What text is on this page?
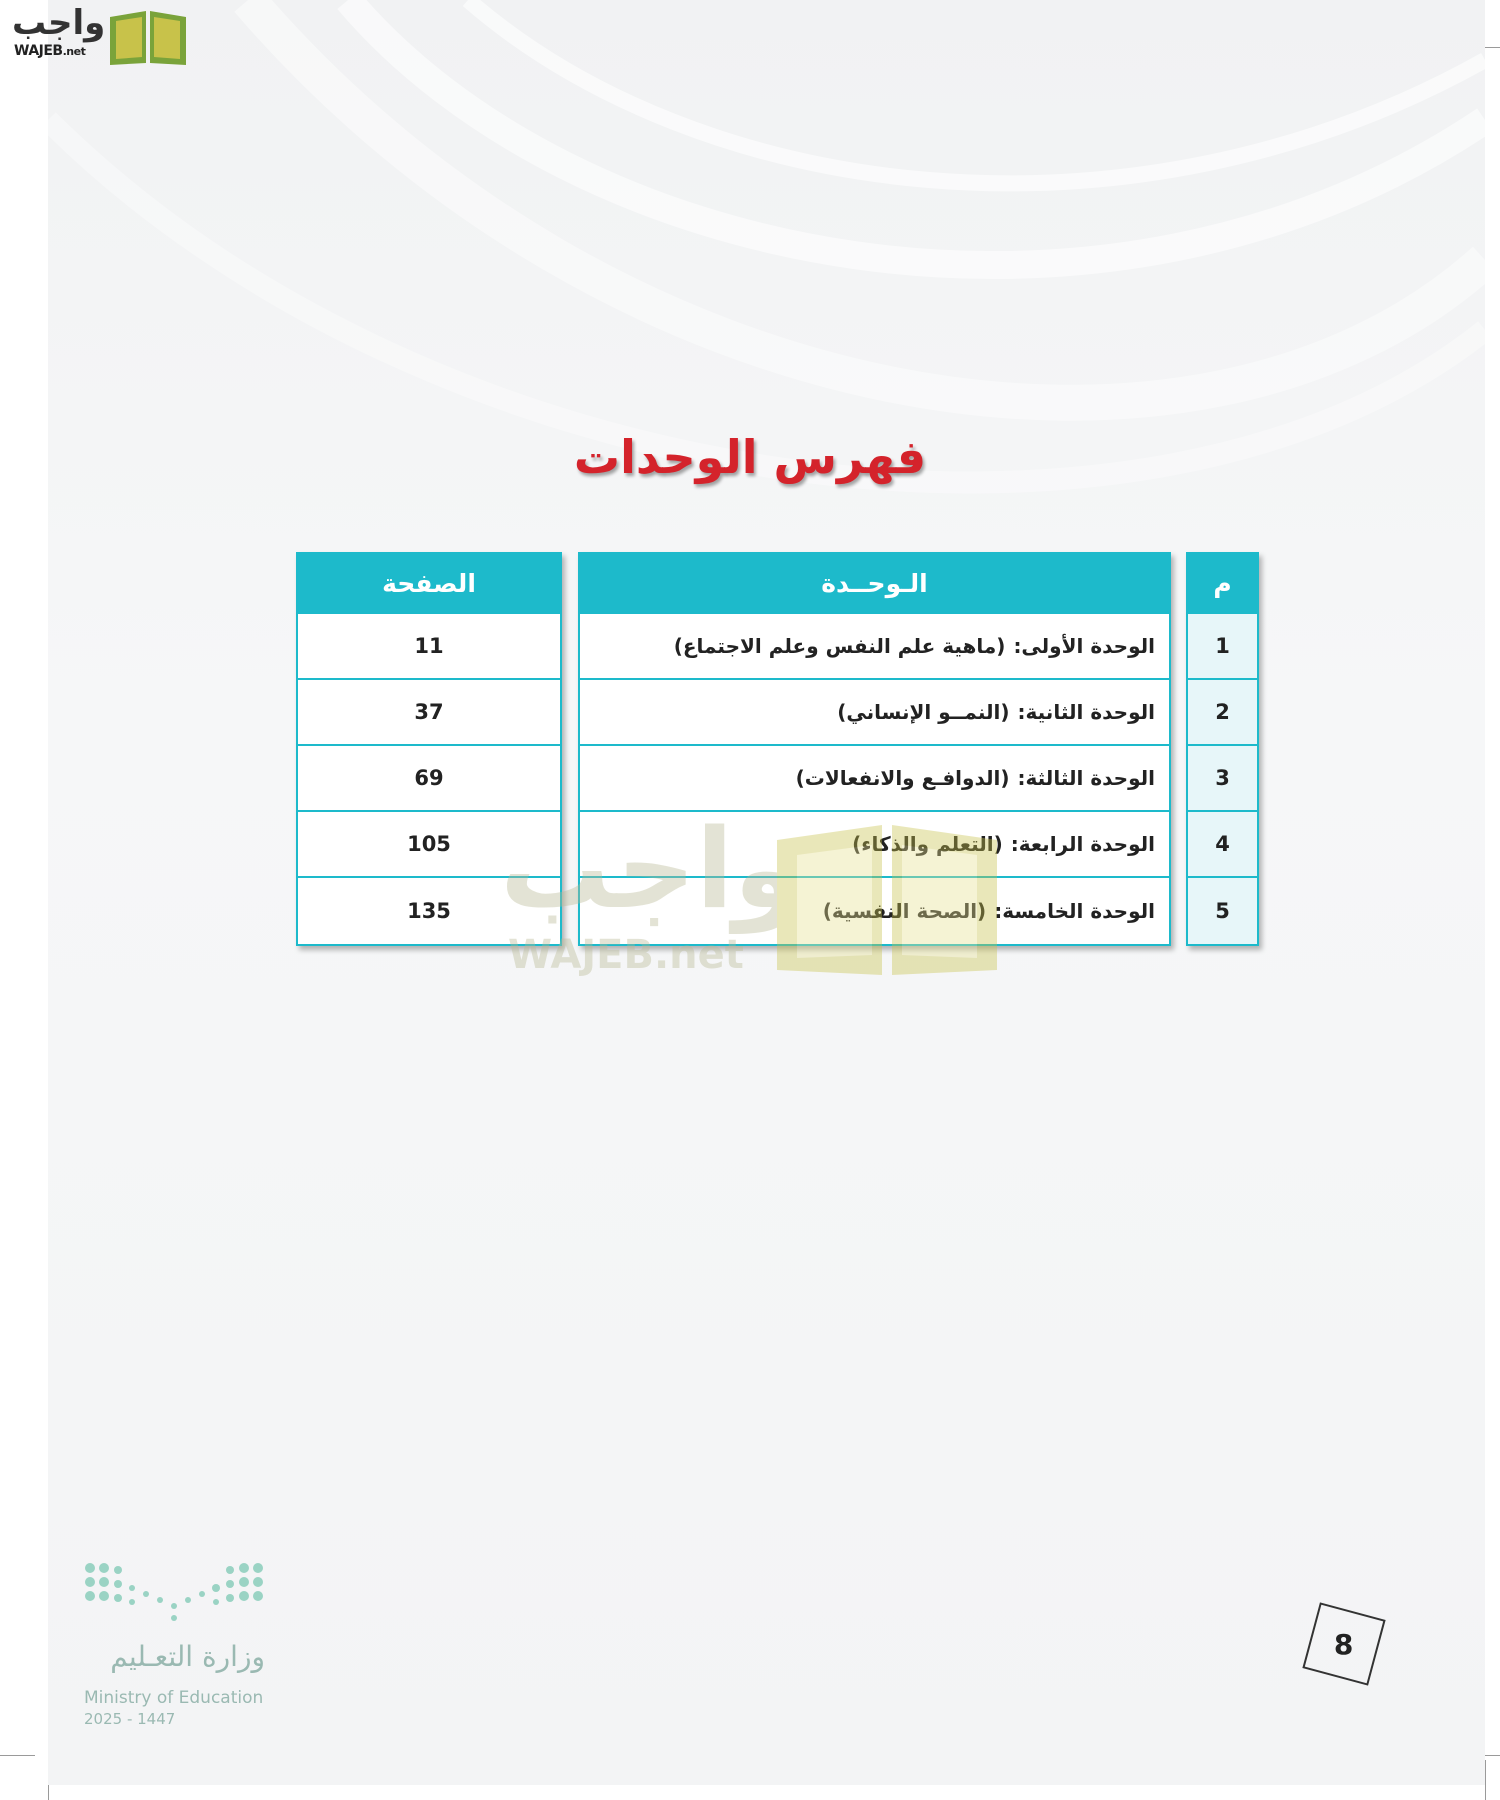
واجب
WAJEB.net
فهرس الوحدات
الصفحة
11
37
69
105
135
الـوحــدة
الوحدة الأولى:
(ماهية علم النفس وعلم الاجتماع)
الوحدة الثانية:
(النمــو الإنساني)
الوحدة الثالثة:
(الدوافـع والانفعالات)
الوحدة الرابعة:
(التعلم والذكاء)
الوحدة الخامسة:
(الصحة النفسية)
م
1
2
3
4
5
واجب
WAJEB.net
وزارة التعـليم
Ministry of Education
2025 - 1447
8
